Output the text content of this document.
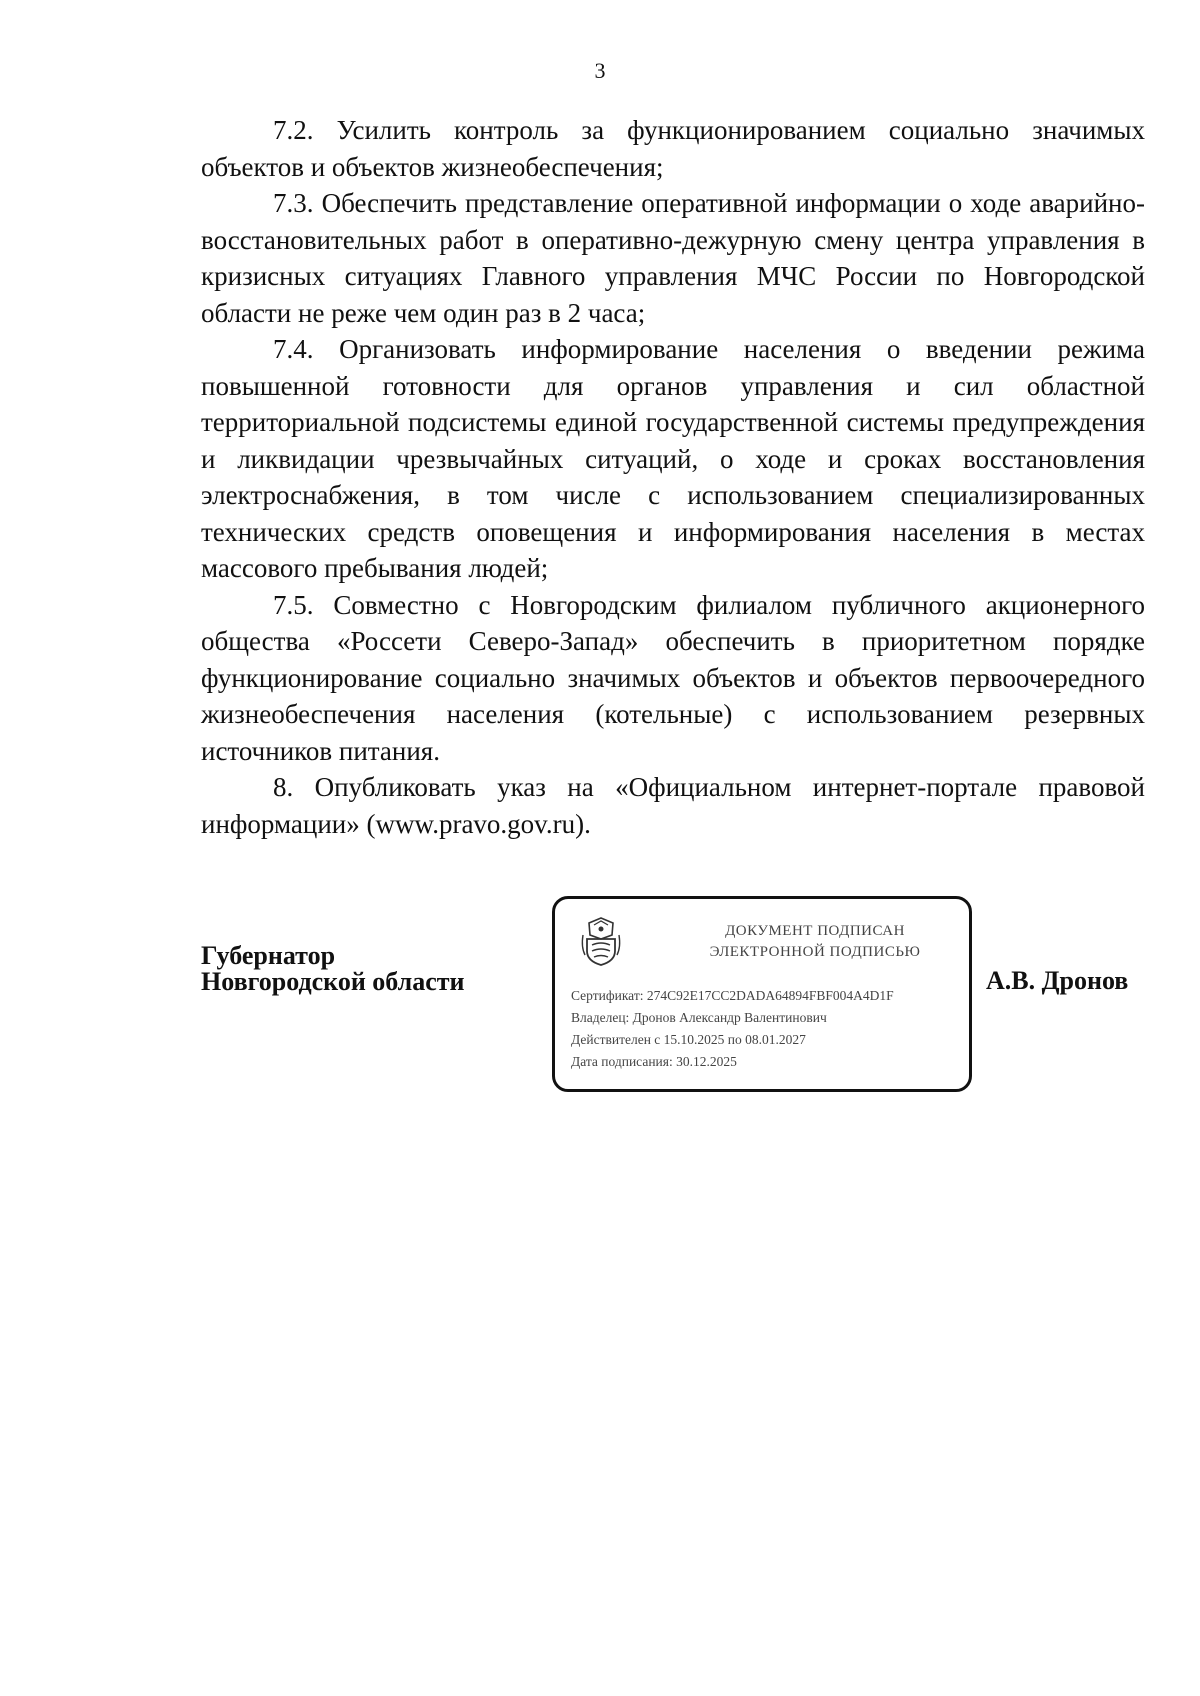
3

7.2. Усилить контроль за функционированием социально значимых объектов и объектов жизнеобеспечения;

7.3. Обеспечить представление оперативной информации о ходе аварийно-восстановительных работ в оперативно-дежурную смену центра управления в кризисных ситуациях Главного управления МЧС России по Новгородской области не реже чем один раз в 2 часа;

7.4. Организовать информирование населения о введении режима повышенной готовности для органов управления и сил областной территориальной подсистемы единой государственной системы предупреждения и ликвидации чрезвычайных ситуаций, о ходе и сроках восстановления электроснабжения, в том числе с использованием специализированных технических средств оповещения и информирования населения в местах массового пребывания людей;

7.5. Совместно с Новгородским филиалом публичного акционерного общества «Россети Северо-Запад» обеспечить в приоритетном порядке функционирование социально значимых объектов и объектов первоочередного жизнеобеспечения населения (котельные) с использованием резервных источников питания.

8. Опубликовать указ на «Официальном интернет-портале правовой информации» (www.pravo.gov.ru).

Губернатор
Новгородской области
ДОКУМЕНТ ПОДПИСАН
ЭЛЕКТРОННОЙ ПОДПИСЬЮ
Сертификат: 274C92E17CC2DADA64894FBF004A4D1F
Владелец: Дронов Александр Валентинович
Действителен с 15.10.2025 по 08.01.2027
Дата подписания: 30.12.2025
А.В. Дронов
